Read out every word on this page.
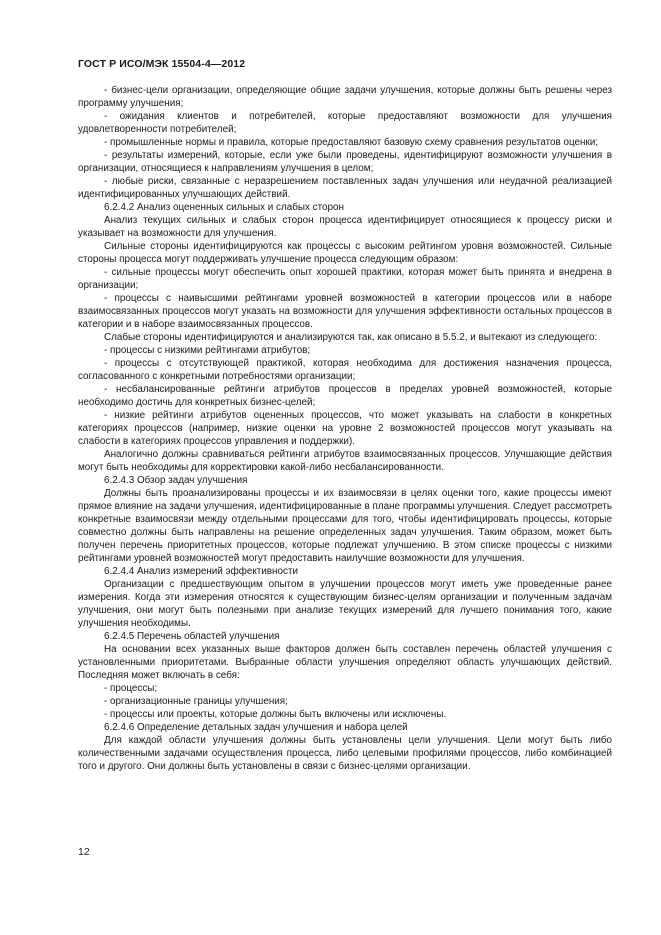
ГОСТ Р ИСО/МЭК 15504-4—2012

- бизнес-цели организации, определяющие общие задачи улучшения, которые должны быть решены через программу улучшения;

- ожидания клиентов и потребителей, которые предоставляют возможности для улучшения удовлетворенности потребителей;

- промышленные нормы и правила, которые предоставляют базовую схему сравнения результатов оценки;

- результаты измерений, которые, если уже были проведены, идентифицируют возможности улучшения в организации, относящиеся к направлениям улучшения в целом;

- любые риски, связанные с неразрешением поставленных задач улучшения или неудачной реализацией идентифицированных улучшающих действий.

6.2.4.2 Анализ оцененных сильных и слабых сторон

Анализ текущих сильных и слабых сторон процесса идентифицирует относящиеся к процессу риски и указывает на возможности для улучшения.

Сильные стороны идентифицируются как процессы с высоким рейтингом уровня возможностей. Сильные стороны процесса могут поддерживать улучшение процесса следующим образом:

- сильные процессы могут обеспечить опыт хорошей практики, которая может быть принята и внедрена в организации;

- процессы с наивысшими рейтингами уровней возможностей в категории процессов или в наборе взаимосвязанных процессов могут указать на возможности для улучшения эффективности остальных процессов в категории и в наборе взаимосвязанных процессов.

Слабые стороны идентифицируются и анализируются так, как описано в 5.5.2, и вытекают из следующего:

- процессы с низкими рейтингами атрибутов;

- процессы с отсутствующей практикой, которая необходима для достижения назначения процесса, согласованного с конкретными потребностями организации;

- несбалансированные рейтинги атрибутов процессов в пределах уровней возможностей, которые необходимо достичь для конкретных бизнес-целей;

- низкие рейтинги атрибутов оцененных процессов, что может указывать на слабости в конкретных категориях процессов (например, низкие оценки на уровне 2 возможностей процессов могут указывать на слабости в категориях процессов управления и поддержки).

Аналогично должны сравниваться рейтинги атрибутов взаимосвязанных процессов. Улучшающие действия могут быть необходимы для корректировки какой-либо несбалансированности.

6.2.4.3 Обзор задач улучшения

Должны быть проанализированы процессы и их взаимосвязи в целях оценки того, какие процессы имеют прямое влияние на задачи улучшения, идентифицированные в плане программы улучшения. Следует рассмотреть конкретные взаимосвязи между отдельными процессами для того, чтобы идентифицировать процессы, которые совместно должны быть направлены на решение определенных задач улучшения. Таким образом, может быть получен перечень приоритетных процессов, которые подлежат улучшению. В этом списке процессы с низкими рейтингами уровней возможностей могут предоставить наилучшие возможности для улучшения.

6.2.4.4 Анализ измерений эффективности

Организации с предшествующим опытом в улучшении процессов могут иметь уже проведенные ранее измерения. Когда эти измерения относятся к существующим бизнес-целям организации и полученным задачам улучшения, они могут быть полезными при анализе текущих измерений для лучшего понимания того, какие улучшения необходимы.

6.2.4.5 Перечень областей улучшения

На основании всех указанных выше факторов должен быть составлен перечень областей улучшения с установленными приоритетами. Выбранные области улучшения определяют область улучшающих действий. Последняя может включать в себя:

- процессы;

- организационные границы улучшения;

- процессы или проекты, которые должны быть включены или исключены.

6.2.4.6 Определение детальных задач улучшения и набора целей

Для каждой области улучшения должны быть установлены цели улучшения. Цели могут быть либо количественными задачами осуществления процесса, либо целевыми профилями процессов, либо комбинацией того и другого. Они должны быть установлены в связи с бизнес-целями организации.

12
